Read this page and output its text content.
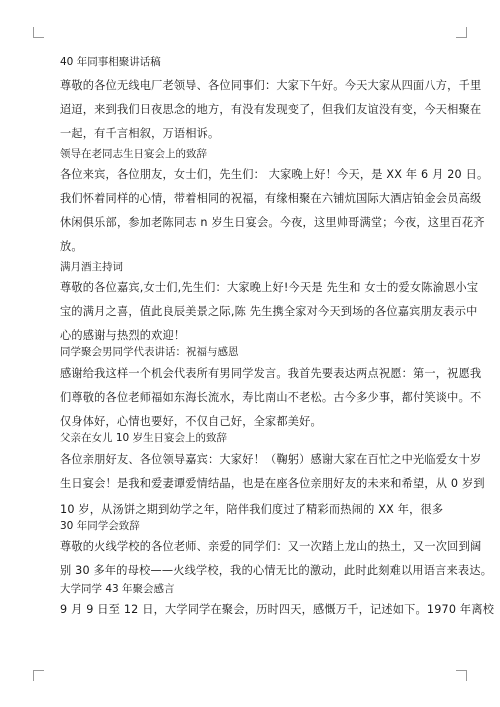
40 年同事相聚讲话稿
尊敬的各位无线电厂老领导、各位同事们：大家下午好。今天大家从四面八方，千里
迢迢，来到我们日夜思念的地方，有没有发现变了，但我们友谊没有变，今天相聚在
一起，有千言相叙，万语相诉。
领导在老同志生日宴会上的致辞
各位来宾，各位朋友，女士们，先生们： 大家晚上好！今天，是 XX 年 6 月 20 日。
我们怀着同样的心情，带着相同的祝福，有缘相聚在六铺炕国际大酒店铂金会员高级
休闲俱乐部，参加老陈同志 n 岁生日宴会。今夜，这里帅哥满堂；今夜，这里百花齐
放。
满月酒主持词
尊敬的各位嘉宾,女士们,先生们：大家晚上好!今天是 先生和 女士的爱女陈渝恩小宝
宝的满月之喜，值此良辰美景之际,陈 先生携全家对今天到场的各位嘉宾朋友表示中
心的感谢与热烈的欢迎！
同学聚会男同学代表讲话：祝福与感恩
感谢给我这样一个机会代表所有男同学发言。我首先要表达两点祝愿：第一，祝愿我
们尊敬的各位老师福如东海长流水，寿比南山不老松。古今多少事，都付笑谈中。不
仅身体好，心情也要好，不仅自己好，全家都美好。
父亲在女儿 10 岁生日宴会上的致辞
各位亲朋好友、各位领导嘉宾：大家好！（鞠躬）感谢大家在百忙之中光临爱女十岁
生日宴会！是我和爱妻谭爱情结晶，也是在座各位亲朋好友的未来和希望，从 0 岁到
10 岁，从汤饼之期到幼学之年，陪伴我们度过了精彩而热闹的 XX 年，很多
30 年同学会致辞
尊敬的火线学校的各位老师、亲爱的同学们：又一次踏上龙山的热土，又一次回到阔
别 30 多年的母校——火线学校，我的心情无比的激动，此时此刻难以用语言来表达。
大学同学 43 年聚会感言
9 月 9 日至 12 日，大学同学在聚会，历时四天，感慨万千，记述如下。1970 年离校
